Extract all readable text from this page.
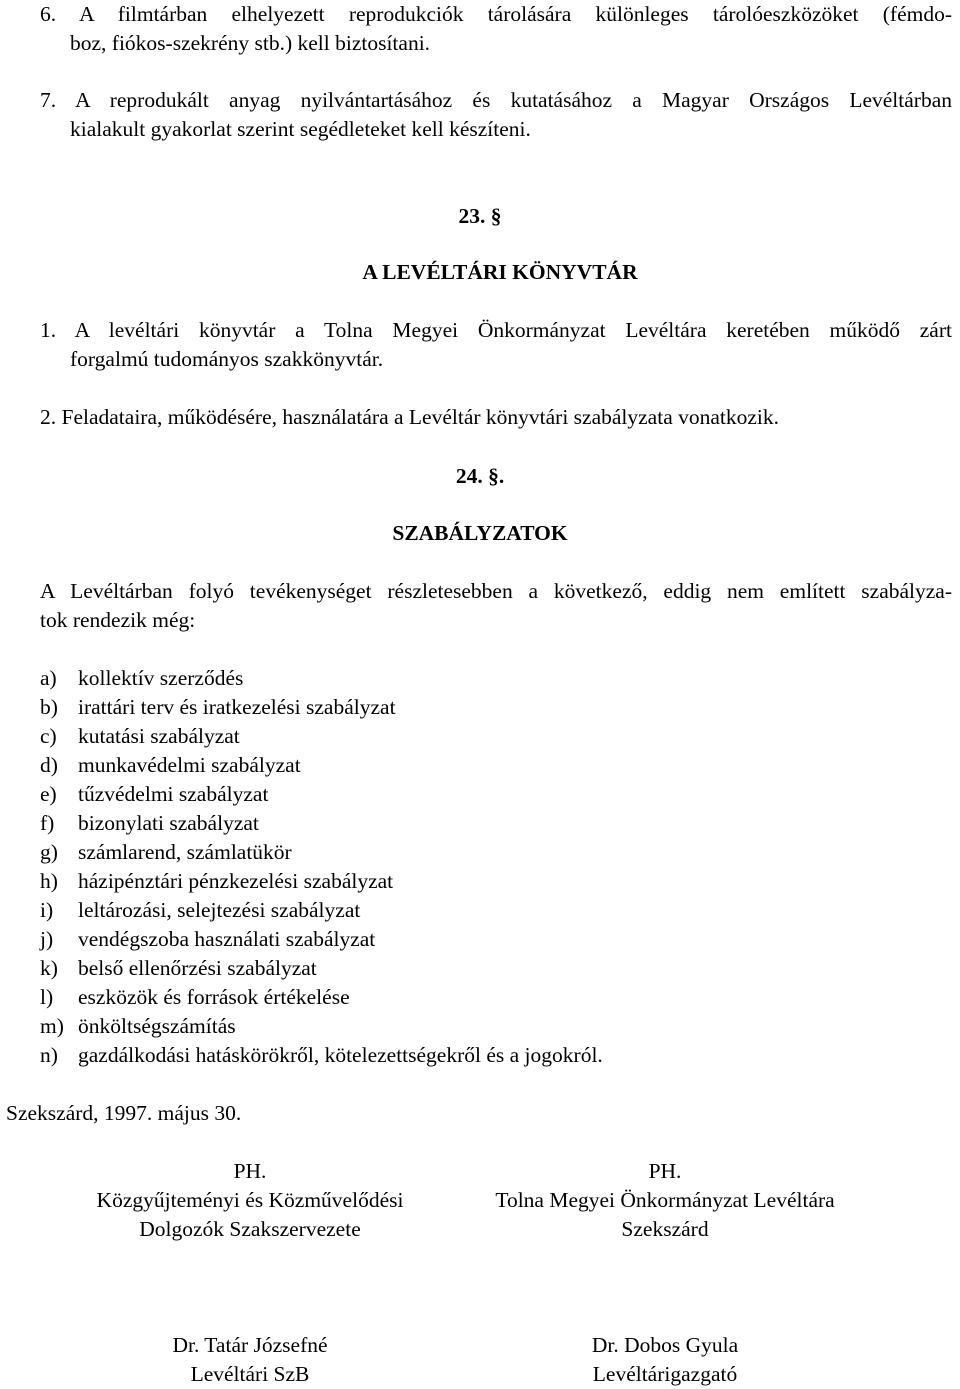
6. A filmtárban elhelyezett reprodukciók tárolására különleges tárolóeszközöket (fémdo-
boz, fiókos-szekrény stb.) kell biztosítani.
7. A reprodukált anyag nyilvántartásához és kutatásához a Magyar Országos Levéltárban
kialakult gyakorlat szerint segédleteket kell készíteni.
23. §
A LEVÉLTÁRI KÖNYVTÁR
1. A levéltári könyvtár a Tolna Megyei Önkormányzat Levéltára keretében működő zárt
forgalmú tudományos szakkönyvtár.
2. Feladataira, működésére, használatára a Levéltár könyvtári szabályzata vonatkozik.
24. §.
SZABÁLYZATOK
A Levéltárban folyó tevékenységet részletesebben a következő, eddig nem említett szabályza-
tok rendezik még:
a) kollektív szerződés
b) irattári terv és iratkezelési szabályzat
c) kutatási szabályzat
d) munkavédelmi szabályzat
e) tűzvédelmi szabályzat
f) bizonylati szabályzat
g) számlarend, számlatükör
h) házipénztári pénzkezelési szabályzat
i) leltározási, selejtezési szabályzat
j) vendégszoba használati szabályzat
k) belső ellenőrzési szabályzat
l) eszközök és források értékelése
m) önköltségszámítás
n) gazdálkodási hatáskörökről, kötelezettségekről és a jogokról.
Szekszárd, 1997. május 30.
PH.
Közgyűjteményi és Közművelődési
Dolgozók Szakszervezete
PH.
Tolna Megyei Önkormányzat Levéltára
Szekszárd
Dr. Tatár Józsefné
Levéltári SzB
Dr. Dobos Gyula
Levéltárigazgató
